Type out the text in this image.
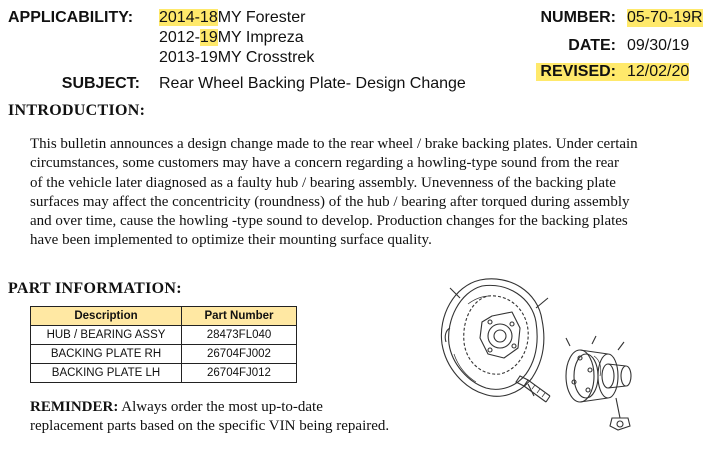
APPLICABILITY:	2014-18MY Forester
2012-19MY Impreza
2013-19MY Crosstrek
SUBJECT: Rear Wheel Backing Plate- Design Change
NUMBER: 05-70-19R
DATE: 09/30/19
REVISED: 12/02/20
INTRODUCTION:
This bulletin announces a design change made to the rear wheel / brake backing plates. Under certain
circumstances, some customers may have a concern regarding a howling-type sound from the rear
of the vehicle later diagnosed as a faulty hub / bearing assembly. Unevenness of the backing plate
surfaces may affect the concentricity (roundness) of the hub / bearing after torqued during assembly
and over time, cause the howling -type sound to develop. Production changes for the backing plates
have been implemented to optimize their mounting surface quality.
PART INFORMATION:
Description	Part Number
HUB / BEARING ASSY	28473FL040
BACKING PLATE RH	26704FJ002
BACKING PLATE LH	26704FJ012
REMINDER: Always order the most up-to-date
replacement parts based on the specific VIN being repaired.
